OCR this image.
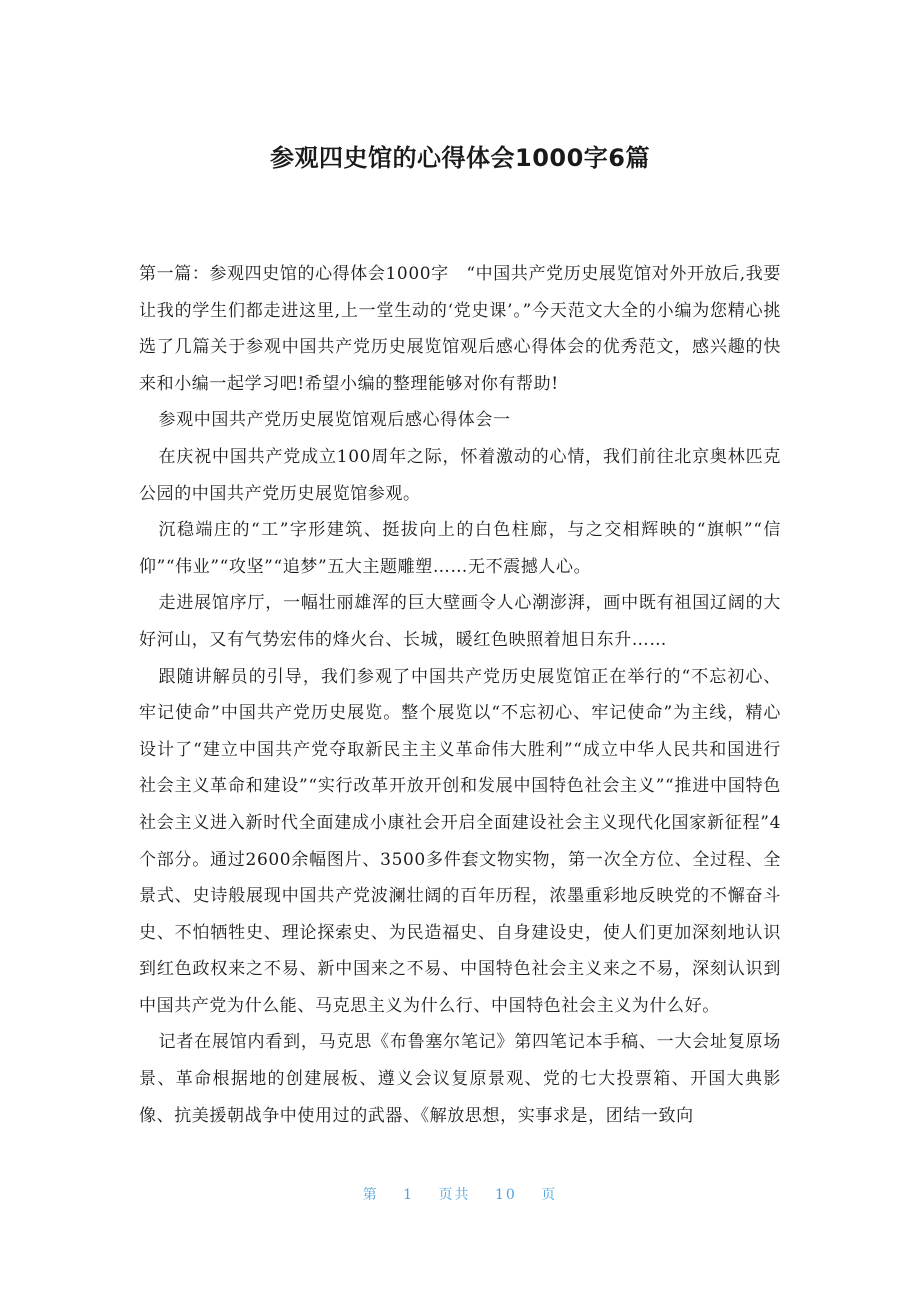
参观四史馆的心得体会1000字6篇

第一篇：参观四史馆的心得体会1000字　“中国共产党历史展览馆对外开放后,我要让我的学生们都走进这里,上一堂生动的‘党史课’。”今天范文大全的小编为您精心挑选了几篇关于参观中国共产党历史展览馆观后感心得体会的优秀范文，感兴趣的快来和小编一起学习吧!希望小编的整理能够对你有帮助!

参观中国共产党历史展览馆观后感心得体会一

在庆祝中国共产党成立100周年之际，怀着激动的心情，我们前往北京奥林匹克公园的中国共产党历史展览馆参观。

沉稳端庄的“工”字形建筑、挺拔向上的白色柱廊，与之交相辉映的“旗帜”“信仰”“伟业”“攻坚”“追梦”五大主题雕塑……无不震撼人心。

走进展馆序厅，一幅壮丽雄浑的巨大壁画令人心潮澎湃，画中既有祖国辽阔的大好河山，又有气势宏伟的烽火台、长城，暖红色映照着旭日东升……

跟随讲解员的引导，我们参观了中国共产党历史展览馆正在举行的“不忘初心、牢记使命”中国共产党历史展览。整个展览以“不忘初心、牢记使命”为主线，精心设计了“建立中国共产党夺取新民主主义革命伟大胜利”“成立中华人民共和国进行社会主义革命和建设”“实行改革开放开创和发展中国特色社会主义”“推进中国特色社会主义进入新时代全面建成小康社会开启全面建设社会主义现代化国家新征程”4个部分。通过2600余幅图片、3500多件套文物实物，第一次全方位、全过程、全景式、史诗般展现中国共产党波澜壮阔的百年历程，浓墨重彩地反映党的不懈奋斗史、不怕牺牲史、理论探索史、为民造福史、自身建设史，使人们更加深刻地认识到红色政权来之不易、新中国来之不易、中国特色社会主义来之不易，深刻认识到中国共产党为什么能、马克思主义为什么行、中国特色社会主义为什么好。

记者在展馆内看到，马克思《布鲁塞尔笔记》第四笔记本手稿、一大会址复原场景、革命根据地的创建展板、遵义会议复原景观、党的七大投票箱、开国大典影像、抗美援朝战争中使用过的武器、《解放思想，实事求是，团结一致向

第 1 页共 10 页
